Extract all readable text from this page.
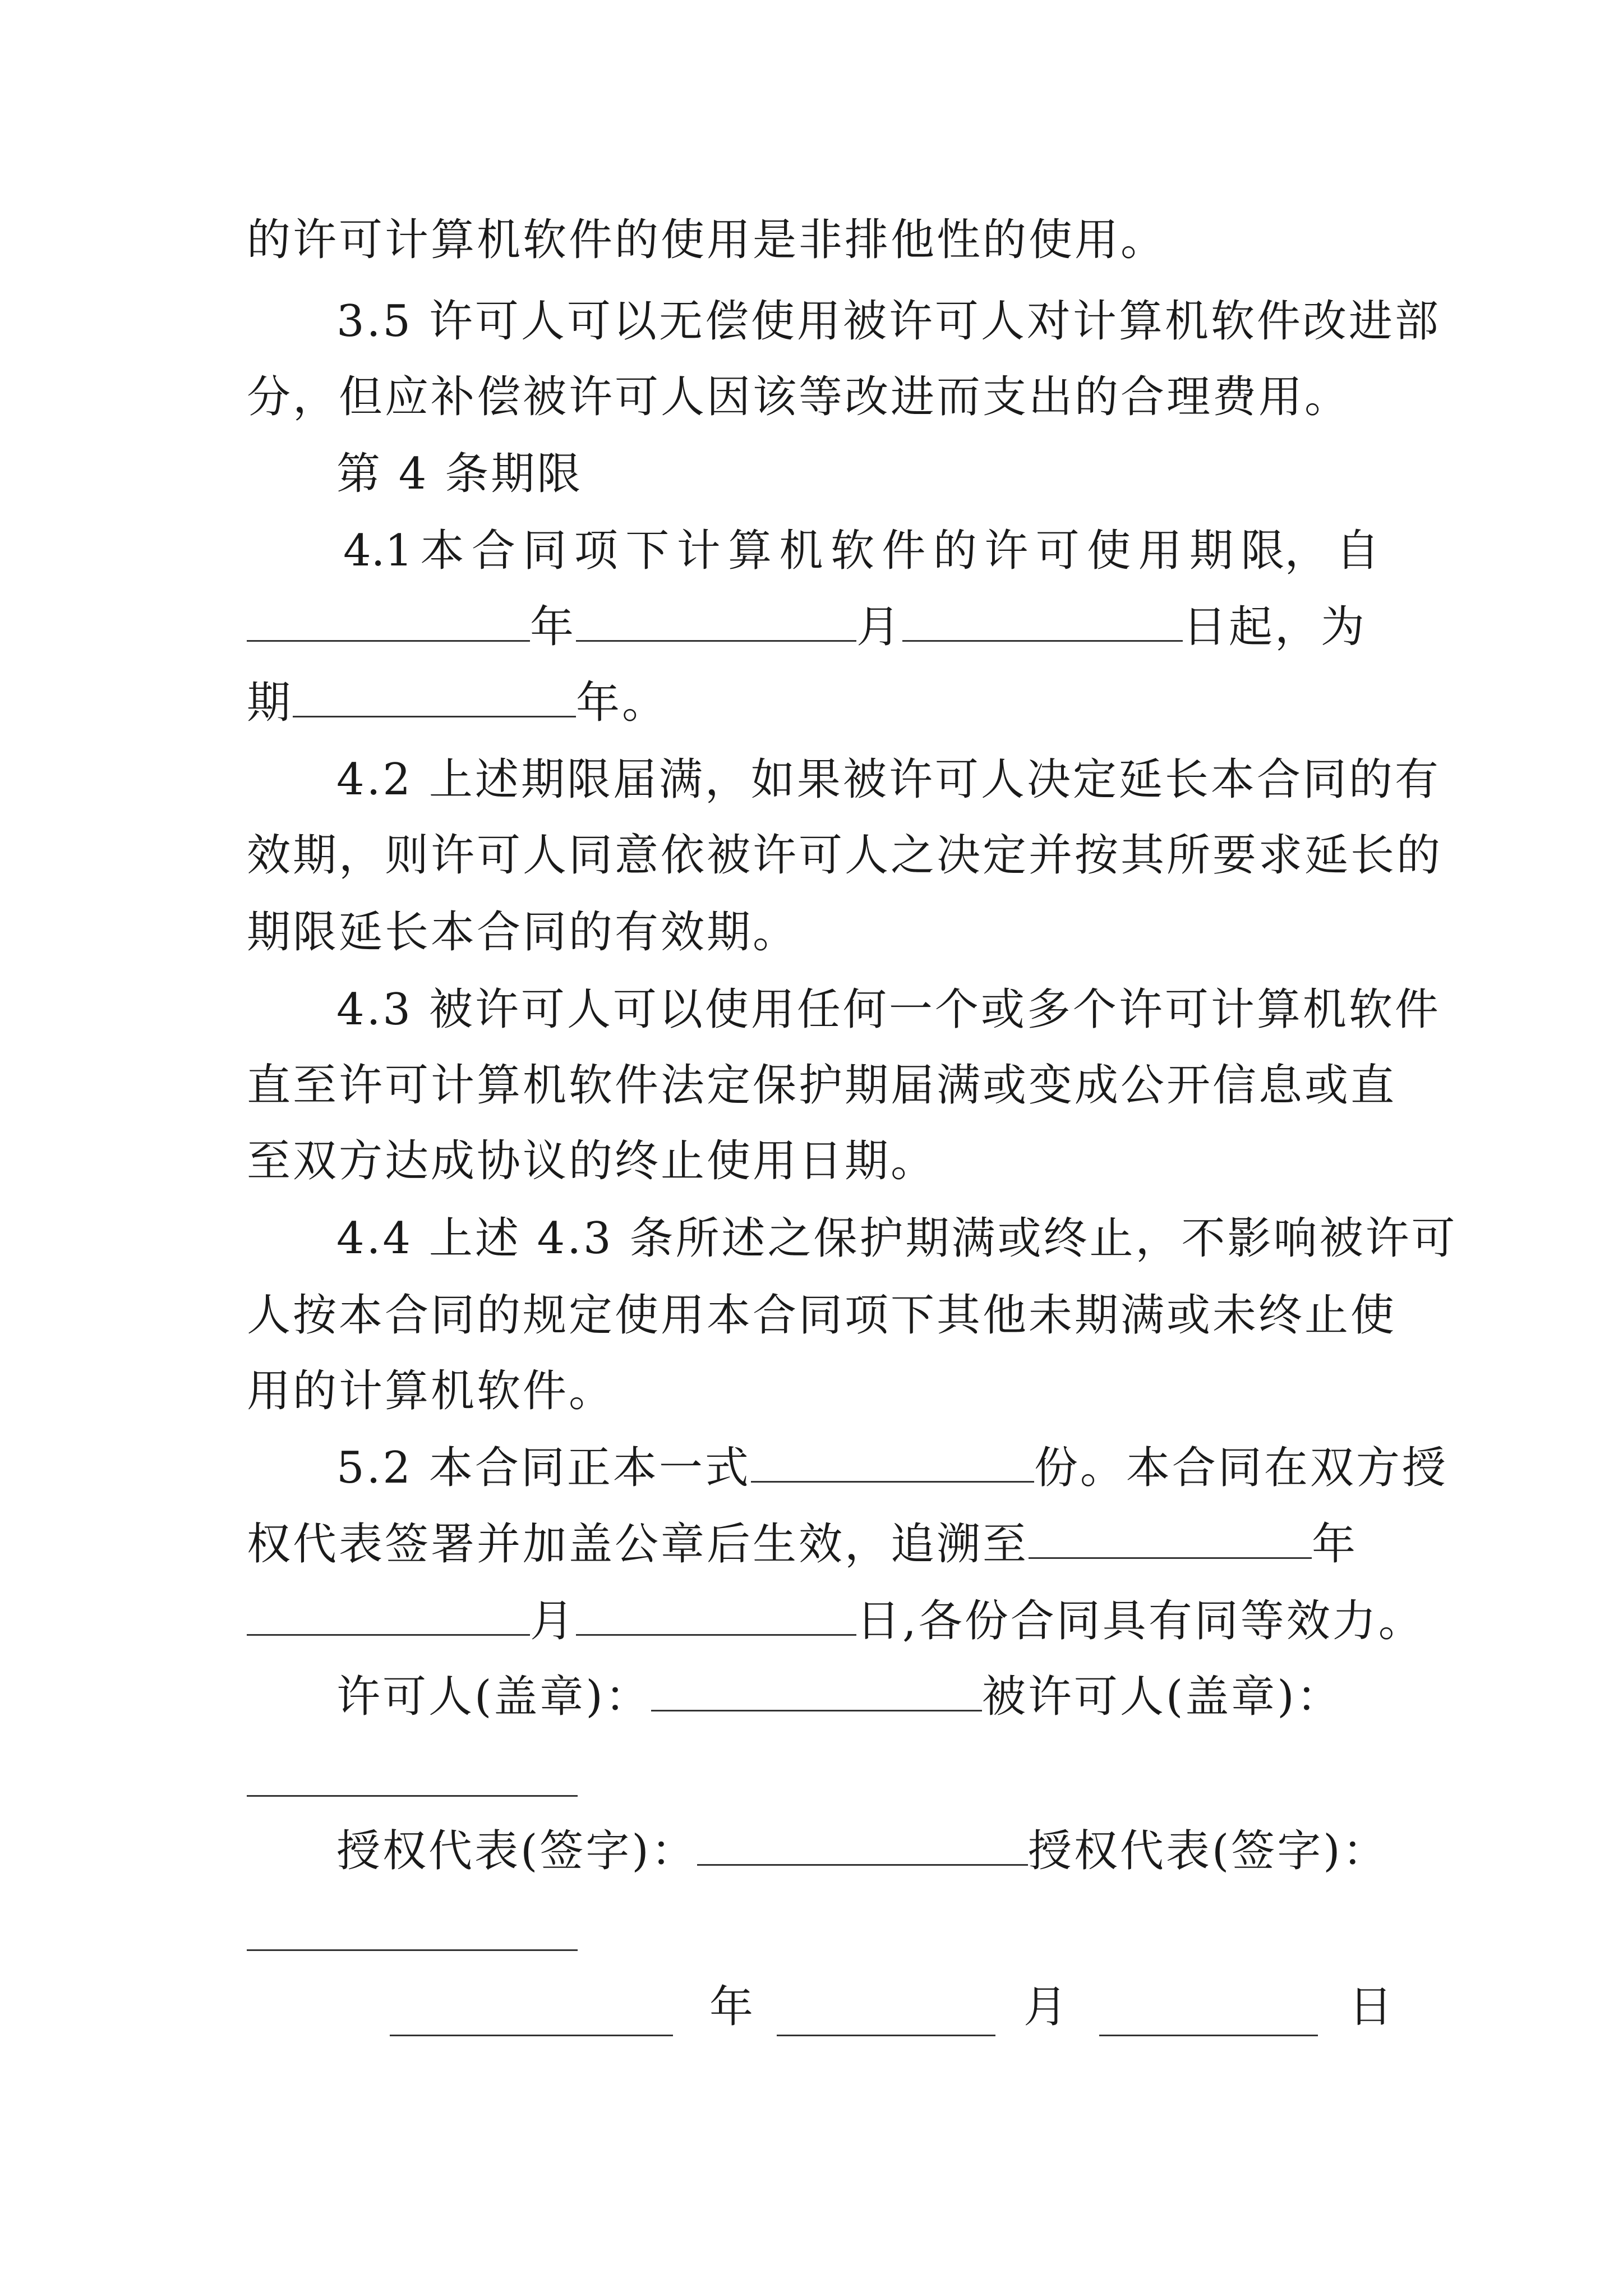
的许可计算机软件的使用是非排他性的使用。
3.5 许可人可以无偿使用被许可人对计算机软件改进部
分，但应补偿被许可人因该等改进而支出的合理费用。
第 4 条期限
4.1 本 合 同 项 下 计 算 机 软 件 的 许 可 使 用 期 限， 自
年	月	日起，为
期	年。
4.2 上述期限届满，如果被许可人决定延长本合同的有
效期，则许可人同意依被许可人之决定并按其所要求延长的
期限延长本合同的有效期。
4.3 被许可人可以使用任何一个或多个许可计算机软件
直至许可计算机软件法定保护期届满或变成公开信息或直
至双方达成协议的终止使用日期。
4.4 上述 4.3 条所述之保护期满或终止，不影响被许可
人按本合同的规定使用本合同项下其他未期满或未终止使
用的计算机软件。
5.2 本合同正本一式	份。本合同在双方授
权代表签署并加盖公章后生效，追溯至	年
月	日,各份合同具有同等效力。
许可人(盖章)：	被许可人(盖章)：
授权代表(签字)：	授权代表(签字)：
年	月	日
